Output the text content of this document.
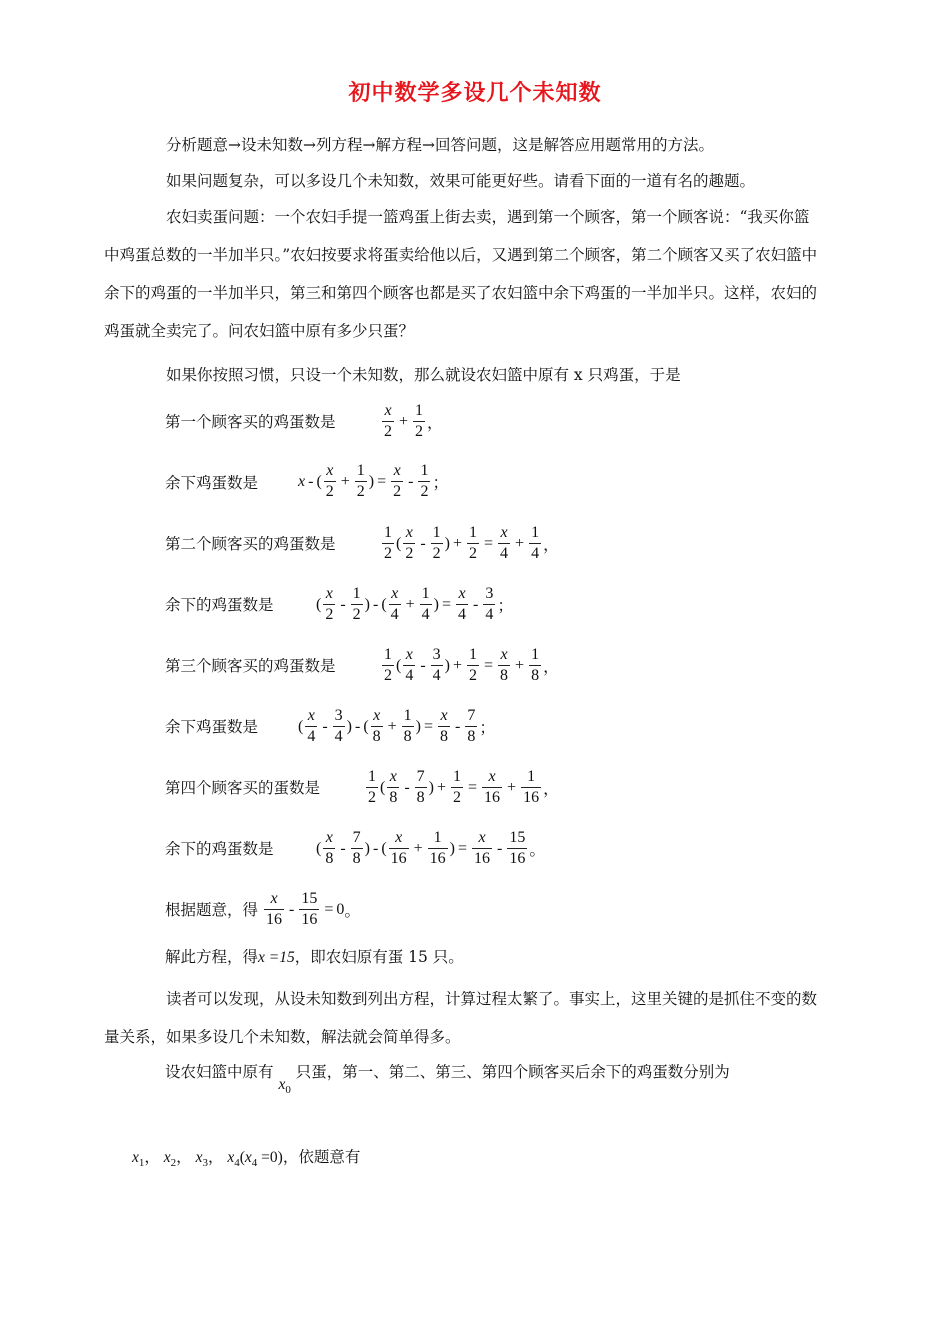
初中数学多设几个未知数
分析题意→设未知数→列方程→解方程→回答问题，这是解答应用题常用的方法。
如果问题复杂，可以多设几个未知数，效果可能更好些。请看下面的一道有名的趣题。
农妇卖蛋问题：一个农妇手提一篮鸡蛋上街去卖，遇到第一个顾客，第一个顾客说：“我买你篮中鸡蛋总数的一半加半只。”农妇按要求将蛋卖给他以后，又遇到第二个顾客，第二个顾客又买了农妇篮中余下的鸡蛋的一半加半只，第三和第四个顾客也都是买了农妇篮中余下鸡蛋的一半加半只。这样，农妇的鸡蛋就全卖完了。问农妇篮中原有多少只蛋？
如果你按照习惯，只设一个未知数，那么就设农妇篮中原有 x 只鸡蛋，于是
第一个顾客买的鸡蛋数是	$\frac{x}{2} + \frac{1}{2}$ ，
余下鸡蛋数是 x - ( $\frac{x}{2} + \frac{1}{2}$ ) = $\frac{x}{2} - \frac{1}{2}$ ；
第二个顾客买的鸡蛋数是	$\frac{1}{2}$ ( $\frac{x}{2} - \frac{1}{2}$ ) + $\frac{1}{2} = \frac{x}{4} + \frac{1}{4}$ ，
余下的鸡蛋数是	( $\frac{x}{2} - \frac{1}{2}$ ) - ( $\frac{x}{4} + \frac{1}{4}$ ) = $\frac{x}{4} - \frac{3}{4}$ ；
第三个顾客买的鸡蛋数是	$\frac{1}{2}$ ( $\frac{x}{4} - \frac{3}{4}$ ) + $\frac{1}{2} = \frac{x}{8} + \frac{1}{8}$ ，
余下鸡蛋数是 ( $\frac{x}{4} - \frac{3}{4}$ ) - ( $\frac{x}{8} + \frac{1}{8}$ ) = $\frac{x}{8} - \frac{7}{8}$ ；
第四个顾客买的蛋数是	$\frac{1}{2}$ ( $\frac{x}{8} - \frac{7}{8}$ ) + $\frac{1}{2} = \frac{x}{16} + \frac{1}{16}$ ，
余下的鸡蛋数是	( $\frac{x}{8} - \frac{7}{8}$ ) - ( $\frac{x}{16} + \frac{1}{16}$ ) = $\frac{x}{16} - \frac{15}{16}$ 。
根据题意，得 $\frac{x}{16} - \frac{15}{16} = 0$ 。
解此方程，得x =15，即农妇原有蛋 15 只。
读者可以发现，从设未知数到列出方程，计算过程太繁了。事实上，这里关键的是抓住不变的数量关系，如果多设几个未知数，解法就会简单得多。
设农妇篮中原有 $x_0$ 只蛋，第一、第二、第三、第四个顾客买后余下的鸡蛋数分别为
$x_1$， $x_2$， $x_3$， $x_4(x_4 =0)$，依题意有
